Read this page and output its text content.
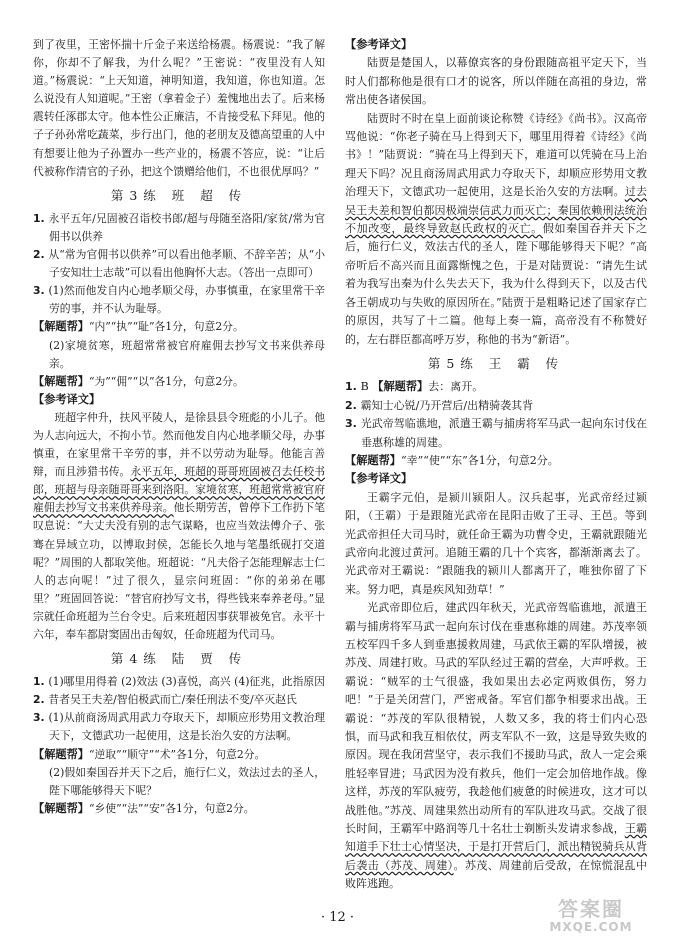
到了夜里，王密怀揣十斤金子来送给杨震。杨震说：“我了解你，你却不了解我，为什么呢？”王密说：“夜里没有人知道。”杨震说：“上天知道，神明知道，我知道，你也知道。怎么说没有人知道呢。”王密（拿着金子）羞愧地出去了。后来杨震转任涿郡太守。他本性公正廉洁，不肯接受私下拜见。他的子子孙孙常吃蔬菜，步行出门，他的老朋友及德高望重的人中有想要让他为子孙置办一些产业的，杨震不答应，说：“让后代被称作清官的子孙，把这个馈赠给他们，不也很优厚吗？”

第3练 班 超 传

1. 永平五年/兄固被召诣校书郎/超与母随至洛阳/家贫/常为官佣书以供养

2. 从“常为官佣书以供养”可以看出他孝顺、不辞辛苦；从“小子安知壮士志哉”可以看出他胸怀大志。（答出一点即可）

3. (1)然而他发自内心地孝顺父母，办事慎重，在家里常干辛劳的事，并不认为耻辱。

【解题帮】“内”“执”“耻”各1分，句意2分。

(2)家境贫寒，班超常常被官府雇佣去抄写文书来供养母亲。

【解题帮】“为”“佣”“以”各1分，句意2分。

【参考译文】

班超字仲升，扶风平陵人，是徐县县令班彪的小儿子。他为人志向远大，不拘小节。然而他发自内心地孝顺父母，办事慎重，在家里常干辛劳的事，并不以劳动为耻辱。他能言善辩，而且涉猎书传。永平五年，班超的哥哥班固被召去任校书郎，班超与母亲随哥哥来到洛阳。家境贫寒，班超常常被官府雇佣去抄写文书来供养母亲。他长期劳苦，曾停下工作扔下笔叹息说：“大丈夫没有别的志气谋略，也应当效法傅介子、张骞在异域立功，以博取封侯，怎能长久地与笔墨纸砚打交道呢？”周围的人都取笑他。班超说：“凡夫俗子怎能理解志士仁人的志向呢！”过了很久，显宗问班固：“你的弟弟在哪里？”班固回答说：“替官府抄写文书，得些钱来奉养老母。”显宗就任命班超为兰台令史。后来班超因事获罪被免官。永平十六年，奉车都尉窦固出击匈奴，任命班超为代司马。

第4练 陆 贾 传

1. (1)哪里用得着 (2)效法 (3)喜悦，高兴 (4)征兆，此指原因

2. 昔者吴王夫差/智伯极武而亡/秦任刑法不变/卒灭赵氏

3. (1)从前商汤周武用武力夺取天下，却顺应形势用文教治理天下，文德武功一起使用，这是长治久安的方法啊。

【解题帮】“逆取”“顺守”“术”各1分，句意2分。

(2)假如秦国吞并天下之后，施行仁义，效法过去的圣人，陛下哪能够得天下呢？

【解题帮】“乡使”“法”“安”各1分，句意2分。

【参考译文】

陆贾是楚国人，以幕僚宾客的身份跟随高祖平定天下，当时人们都称他是很有口才的说客，所以伴随在高祖的身边，常常出使各诸侯国。

陆贾时不时在皇上面前谈论称赞《诗经》《尚书》。汉高帝骂他说：“你老子骑在马上得到天下，哪里用得着《诗经》《尚书》！”陆贾说：“骑在马上得到天下，难道可以凭骑在马上治理天下吗？况且商汤周武用武力夺取天下，却顺应形势用文教治理天下，文德武功一起使用，这是长治久安的方法啊。过去吴王夫差和智伯都因极端崇信武力而灭亡；秦国依赖刑法统治不加改变，最终导致赵氏政权的灭亡。假如秦国吞并天下之后，施行仁义，效法古代的圣人，陛下哪能够得天下呢？”高帝听后不高兴而且面露惭愧之色，于是对陆贾说：“请先生试着为我写出秦为什么失去天下，我为什么得到天下，以及古代各王朝成功与失败的原因所在。”陆贾于是粗略记述了国家存亡的原因，共写了十二篇。他每上奏一篇，高帝没有不称赞好的，左右群臣都高呼万岁，称他的书为“新语”。

第5练 王 霸 传

1. B 【解题帮】去：离开。

2. 霸知士心锐/乃开营后/出精骑袭其背

3. 光武帝驾临谯地，派遣王霸与捕虏将军马武一起向东讨伐在垂惠称雄的周建。

【解题帮】“幸”“使”“东”各1分，句意2分。

【参考译文】

王霸字元伯，是颍川颍阳人。汉兵起事，光武帝经过颍阳，（王霸）于是跟随光武帝在昆阳击败了王寻、王邑。等到光武帝担任大司马时，就任命王霸为功曹令史，王霸就跟随光武帝向北渡过黄河。追随王霸的几十个宾客，都渐渐离去了。光武帝对王霸说：“跟随我的颍川人都离开了，唯独你留了下来。努力吧，真是疾风知劲草！”

光武帝即位后，建武四年秋天，光武帝驾临谯地，派遣王霸与捕虏将军马武一起向东讨伐在垂惠称雄的周建。苏茂率领五校军四千多人到垂惠援救周建，马武依王霸的军队增援，被苏茂、周建打败。马武的军队经过王霸的营垒，大声呼救。王霸说：“贼军的士气很盛，我如果出去必定两败俱伤，努力吧！”于是关闭营门，严密戒备。军官们都争相要求出战。王霸说：“苏茂的军队很精锐，人数又多，我的将士们内心恐惧，而马武和我互相依仗，两支军队不一致，这是导致失败的原因。现在我闭营坚守，表示我们不援助马武，敌人一定会乘胜轻率冒进；马武因为没有救兵，他们一定会加倍地作战。像这样，苏茂的军队疲劳，我趁他们疲惫的时候进攻，这才可以战胜他。”苏茂、周建果然出动所有的军队进攻马武。交战了很长时间，王霸军中路润等几十名壮士剃断头发请求参战，王霸知道手下壮士心情坚决，于是打开营后门，派出精锐骑兵从背后袭击（苏茂、周建）。苏茂、周建前后受敌，在惊慌混乱中败阵逃跑。

· 12 ·	答案圈
MXQE.COM
